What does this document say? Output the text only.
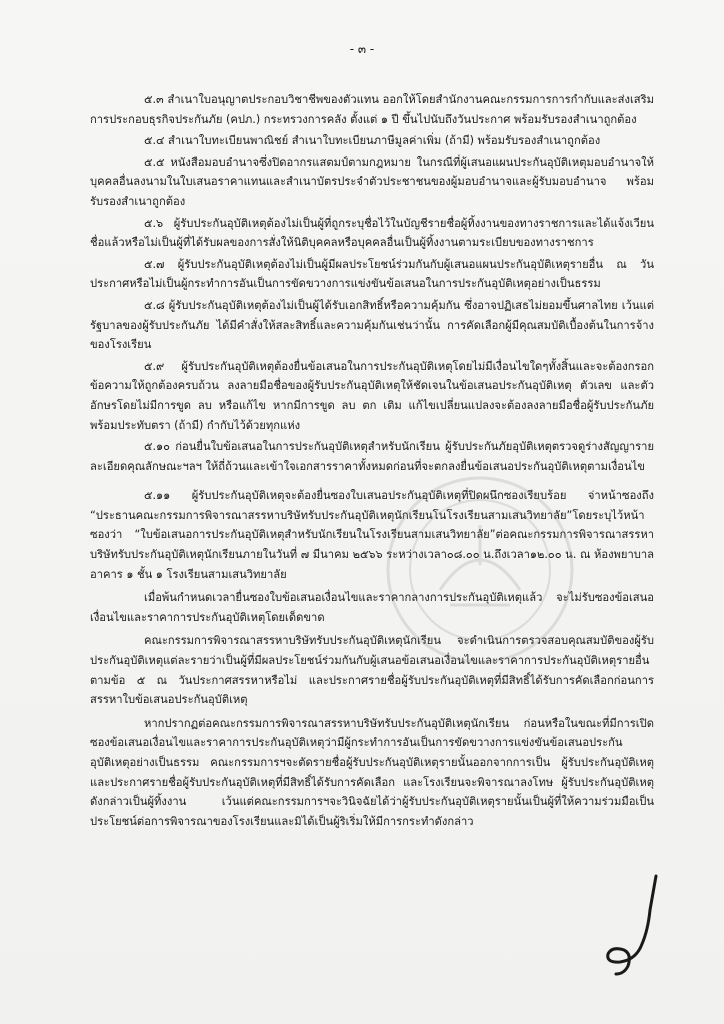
- ๓ -

๕.๓ สำเนาใบอนุญาตประกอบวิชาชีพของตัวแทน ออกให้โดยสำนักงานคณะกรรมการการกำกับและส่งเสริมการประกอบธุรกิจประกันภัย (คปภ.) กระทรวงการคลัง ตั้งแต่ ๑ ปี ขึ้นไปนับถึงวันประกาศ พร้อมรับรองสำเนาถูกต้อง

๕.๔ สำเนาใบทะเบียนพาณิชย์ สำเนาใบทะเบียนภาษีมูลค่าเพิ่ม (ถ้ามี) พร้อมรับรองสำเนาถูกต้อง

๕.๕ หนังสือมอบอำนาจซึ่งปิดอากรแสตมป์ตามกฎหมาย ในกรณีที่ผู้เสนอแผนประกันอุบัติเหตุมอบอำนาจให้บุคคลอื่นลงนามในใบเสนอราคาแทนและสำเนาบัตรประจำตัวประชาชนของผู้มอบอำนาจและผู้รับมอบอำนาจ พร้อมรับรองสำเนาถูกต้อง

๕.๖ ผู้รับประกันอุบัติเหตุต้องไม่เป็นผู้ที่ถูกระบุชื่อไว้ในบัญชีรายชื่อผู้ทิ้งงานของทางราชการและได้แจ้งเวียนชื่อแล้วหรือไม่เป็นผู้ที่ได้รับผลของการสั่งให้นิติบุคคลหรือบุคคลอื่นเป็นผู้ทิ้งงานตามระเบียบของทางราชการ

๕.๗ ผู้รับประกันอุบัติเหตุต้องไม่เป็นผู้มีผลประโยชน์ร่วมกันกับผู้เสนอแผนประกันอุบัติเหตุรายอื่น ณ วันประกาศหรือไม่เป็นผู้กระทำการอันเป็นการขัดขวางการแข่งขันข้อเสนอในการประกันอุบัติเหตุอย่างเป็นธรรม

๕.๘ ผู้รับประกันอุบัติเหตุต้องไม่เป็นผู้ได้รับเอกสิทธิ์หรือความคุ้มกัน ซึ่งอาจปฏิเสธไม่ยอมขึ้นศาลไทย เว้นแต่รัฐบาลของผู้รับประกันภัย ได้มีคำสั่งให้สละสิทธิ์และความคุ้มกันเช่นว่านั้น การคัดเลือกผู้มีคุณสมบัติเบื้องต้นในการจ้างของโรงเรียน

๕.๙ ผู้รับประกันอุบัติเหตุต้องยื่นข้อเสนอในการประกันอุบัติเหตุโดยไม่มีเงื่อนไขใดๆทั้งสิ้นและจะต้องกรอกข้อความให้ถูกต้องครบถ้วน ลงลายมือชื่อของผู้รับประกันอุบัติเหตุให้ชัดเจนในข้อเสนอประกันอุบัติเหตุ ตัวเลข และตัวอักษรโดยไม่มีการขูด ลบ หรือแก้ไข หากมีการขูด ลบ ตก เติม แก้ไขเปลี่ยนแปลงจะต้องลงลายมือชื่อผู้รับประกันภัยพร้อมประทับตรา (ถ้ามี) กำกับไว้ด้วยทุกแห่ง

๕.๑๐ ก่อนยื่นใบข้อเสนอในการประกันอุบัติเหตุสำหรับนักเรียน ผู้รับประกันภัยอุบัติเหตุตรวจดูร่างสัญญารายละเอียดคุณลักษณะฯลฯ ให้ถี่ถ้วนและเข้าใจเอกสารราคาทั้งหมดก่อนที่จะตกลงยื่นข้อเสนอประกันอุบัติเหตุตามเงื่อนไข

๕.๑๑ ผู้รับประกันอุบัติเหตุจะต้องยื่นซองใบเสนอประกันอุบัติเหตุที่ปิดผนึกซองเรียบร้อย จ่าหน้าซองถึง “ประธานคณะกรรมการพิจารณาสรรหาบริษัทรับประกันอุบัติเหตุนักเรียนโนโรงเรียนสามเสนวิทยาลัย”โดยระบุไว้หน้าซองว่า “ใบข้อเสนอการประกันอุบัติเหตุสำหรับนักเรียนในโรงเรียนสามเสนวิทยาลัย”ต่อคณะกรรมการพิจารณาสรรหาบริษัทรับประกันอุบัติเหตุนักเรียนภายในวันที่ ๗ มีนาคม ๒๕๖๖ ระหว่างเวลา๐๘.๐๐ น.ถึงเวลา๑๒.๐๐ น. ณ ห้องพยาบาล อาคาร ๑ ชั้น ๑ โรงเรียนสามเสนวิทยาลัย

เมื่อพ้นกำหนดเวลายื่นซองใบข้อเสนอเงื่อนไขและราคากลางการประกันอุบัติเหตุแล้ว จะไม่รับซองข้อเสนอเงื่อนไขและราคาการประกันอุบัติเหตุโดยเด็ดขาด

คณะกรรมการพิจารณาสรรหาบริษัทรับประกันอุบัติเหตุนักเรียน จะดำเนินการตรวจสอบคุณสมบัติของผู้รับประกันอุบัติเหตุแต่ละรายว่าเป็นผู้ที่มีผลประโยชน์ร่วมกันกับผู้เสนอข้อเสนอเงื่อนไขและราคาการประกันอุบัติเหตุรายอื่น ตามข้อ ๕ ณ วันประกาศสรรหาหรือไม่ และประกาศรายชื่อผู้รับประกันอุบัติเหตุที่มีสิทธิ์ได้รับการคัดเลือกก่อนการสรรหาใบข้อเสนอประกันอุบัติเหตุ

หากปรากฏต่อคณะกรรมการพิจารณาสรรหาบริษัทรับประกันอุบัติเหตุนักเรียน ก่อนหรือในขณะที่มีการเปิดซองข้อเสนอเงื่อนไขและราคาการประกันอุบัติเหตุว่ามีผู้กระทำการอันเป็นการขัดขวางการแข่งขันข้อเสนอประกันอุบัติเหตุอย่างเป็นธรรม คณะกรรมการฯจะตัดรายชื่อผู้รับประกันอุบัติเหตุรายนั้นออกจากการเป็น ผู้รับประกันอุบัติเหตุและประกาศรายชื่อผู้รับประกันอุบัติเหตุที่มีสิทธิ์ได้รับการคัดเลือก และโรงเรียนจะพิจารณาลงโทษ ผู้รับประกันอุบัติเหตุดังกล่าวเป็นผู้ทิ้งงาน เว้นแต่คณะกรรมการฯจะวินิจฉัยได้ว่าผู้รับประกันอุบัติเหตุรายนั้นเป็นผู้ที่ให้ความร่วมมือเป็นประโยชน์ต่อการพิจารณาของโรงเรียนและมิได้เป็นผู้ริเริ่มให้มีการกระทำดังกล่าว
